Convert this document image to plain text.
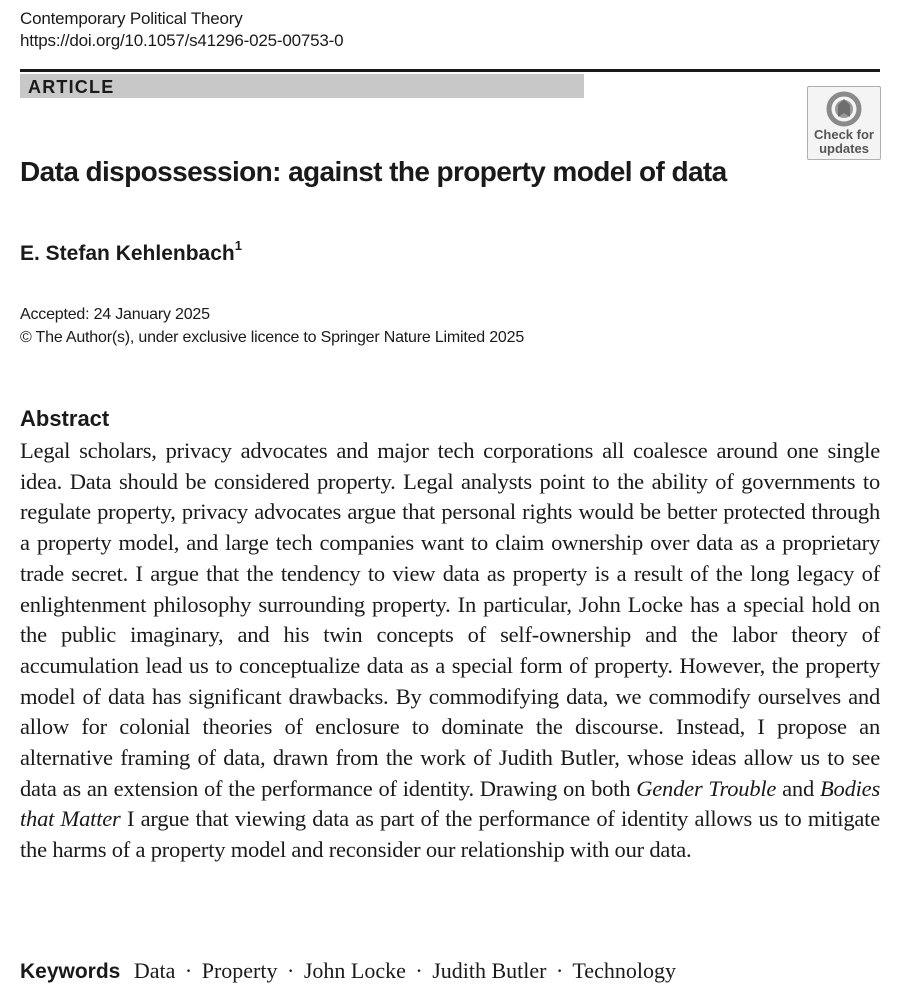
Contemporary Political Theory
https://doi.org/10.1057/s41296-025-00753-0
ARTICLE
Check for
updates
Data dispossession: against the property model of data
E. Stefan Kehlenbach$^1$
Accepted: 24 January 2025
© The Author(s), under exclusive licence to Springer Nature Limited 2025
Abstract

Legal scholars, privacy advocates and major tech corporations all coalesce around one single idea. Data should be considered property. Legal analysts point to the ability of governments to regulate property, privacy advocates argue that personal rights would be better protected through a property model, and large tech companies want to claim ownership over data as a proprietary trade secret. I argue that the tendency to view data as property is a result of the long legacy of enlightenment philosophy surrounding property. In particular, John Locke has a special hold on the public imaginary, and his twin concepts of self-ownership and the labor theory of accumulation lead us to conceptualize data as a special form of property. However, the property model of data has significant drawbacks. By commodifying data, we commodify ourselves and allow for colonial theories of enclosure to dominate the discourse. Instead, I propose an alternative framing of data, drawn from the work of Judith Butler, whose ideas allow us to see data as an extension of the performance of identity. Drawing on both Gender Trouble and Bodies that Matter I argue that viewing data as part of the performance of identity allows us to mitigate the harms of a property model and reconsider our relationship with our data.

Keywords Data · Property · John Locke · Judith Butler · Technology
